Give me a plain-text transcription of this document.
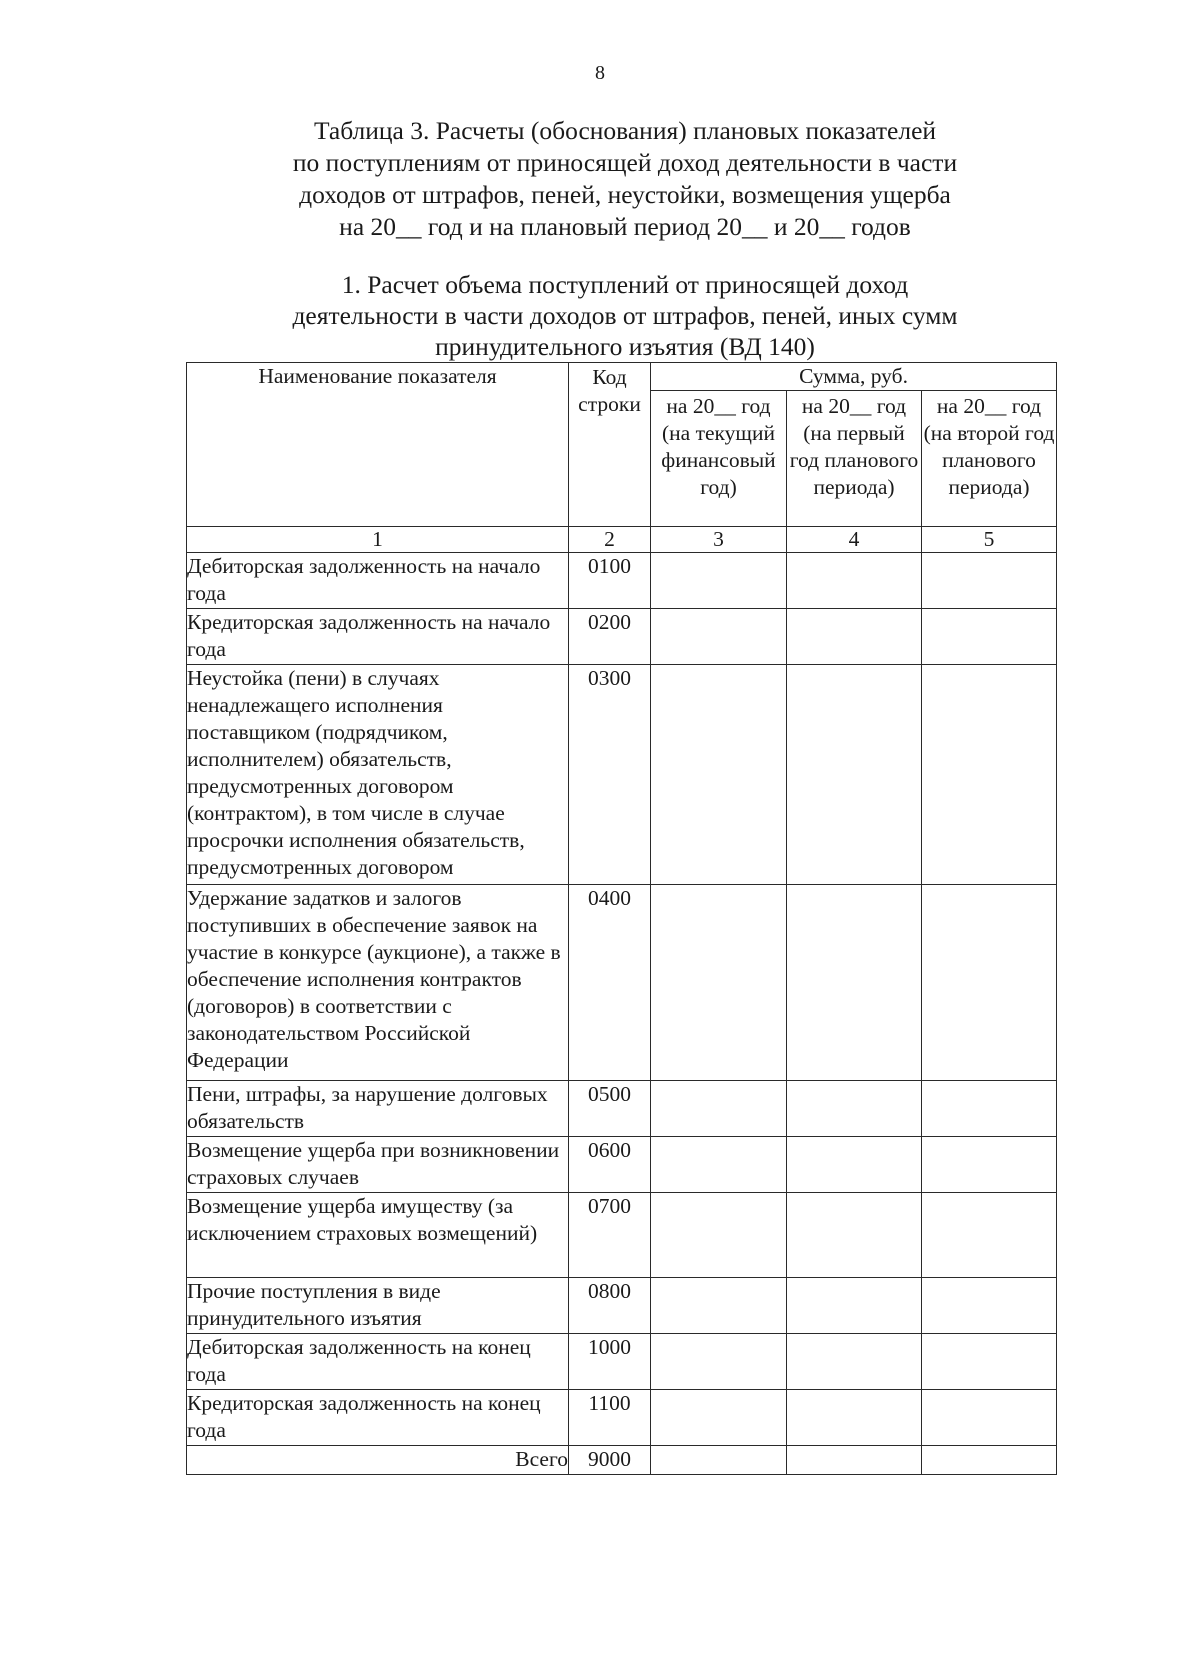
8
Таблица 3. Расчеты (обоснования) плановых показателей
по поступлениям от приносящей доход деятельности в части
доходов от штрафов, пеней, неустойки, возмещения ущерба
на 20__ год и на плановый период 20__ и 20__ годов
1. Расчет объема поступлений от приносящей доход
деятельности в части доходов от штрафов, пеней, иных сумм
принудительного изъятия (ВД 140)
Наименование показателя	Код строки	Сумма, руб.		
		на 20__ год (на текущий финансовый год)	на 20__ год (на первый год планового периода)	на 20__ год (на второй год планового периода)
1	2	3	4	5
Дебиторская задолженность на начало года	0100			
Кредиторская задолженность на начало года	0200			
Неустойка (пени) в случаях ненадлежащего исполнения поставщиком (подрядчиком, исполнителем) обязательств, предусмотренных договором (контрактом), в том числе в случае просрочки исполнения обязательств, предусмотренных договором	0300			
Удержание задатков и залогов поступивших в обеспечение заявок на участие в конкурсе (аукционе), а также в обеспечение исполнения контрактов (договоров) в соответствии с законодательством Российской Федерации	0400			
Пени, штрафы, за нарушение долговых обязательств	0500			
Возмещение ущерба при возникновении страховых случаев	0600			
Возмещение ущерба имуществу (за исключением страховых возмещений)	0700			
Прочие поступления в виде принудительного изъятия	0800			
Дебиторская задолженность на конец года	1000			
Кредиторская задолженность на конец года	1100			
Всего	9000			
